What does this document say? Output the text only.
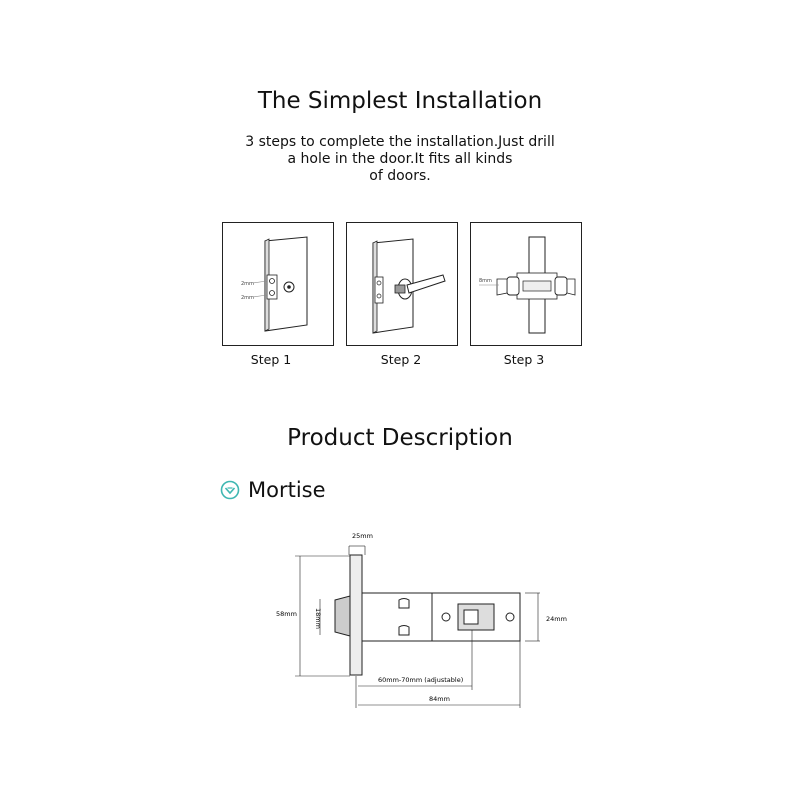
The Simplest Installation
3 steps to complete the installation.Just drill
a hole in the door.It fits all kinds
of doors.
2mm
2mm
Step 1	Step 2
8mm
Step 3
Product Description
Mortise
25mm
58mm	18mm	24mm
60mm-70mm (adjustable)
84mm
